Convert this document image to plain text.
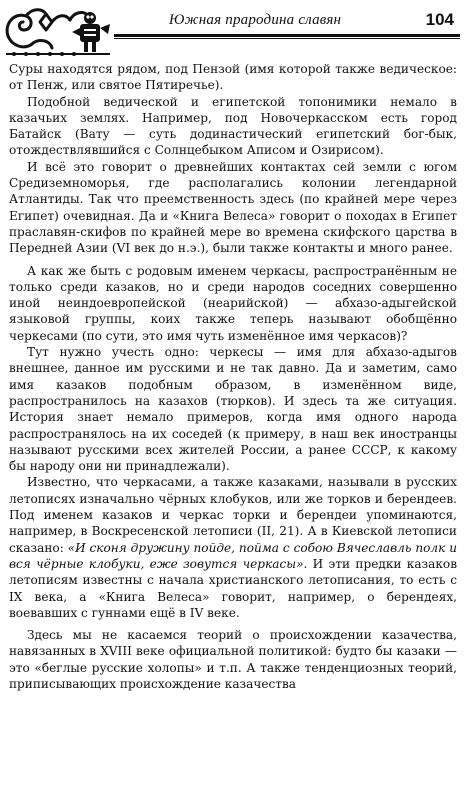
Южная прародина славян	104

Суры находятся рядом, под Пензой (имя которой также ведическое: от Пенж, или святое Пятиречье).

Подобной ведической и египетской топонимики немало в казачьих землях. Например, под Новочеркасском есть город Батайск (Вату — суть додинастический египетский бог-бык, отождествлявшийся с Солнцебыком Аписом и Озирисом).

И всё это говорит о древнейших контактах сей земли с югом Средиземноморья, где располагались колонии легендарной Атлантиды. Так что преемственность здесь (по крайней мере через Египет) очевидная. Да и «Книга Велеса» говорит о походах в Египет праславян-скифов по крайней мере во времена скифского царства в Передней Азии (VI век до н.э.), были также контакты и много ранее.

А как же быть с родовым именем черкасы, распространённым не только среди казаков, но и среди народов соседних совершенно иной неиндоевропейской (неарийской) — абхазо-адыгейской языковой группы, коих также теперь называют обобщённо черкесами (по сути, это имя чуть изменённое имя черкасов)?

Тут нужно учесть одно: черкесы — имя для абхазо-адыгов внешнее, данное им русскими и не так давно. Да и заметим, само имя казаков подобным образом, в изменённом виде, распространилось на казахов (тюрков). И здесь та же ситуация. История знает немало примеров, когда имя одного народа распространялось на их соседей (к примеру, в наш век иностранцы называют русскими всех жителей России, а ранее СССР, к какому бы народу они ни принадлежали).

Известно, что черкасами, а также казаками, называли в русских летописях изначально чёрных клобуков, или же торков и берендеев. Под именем казаков и черкас торки и берендеи упоминаются, например, в Воскресенской летописи (II, 21). А в Киевской летописи сказано: «И сконя дружину пойде, пойма с собою Вячеславль полк и вся чёрные клобуки, еже зовутся черкасы». И эти предки казаков летописям известны с начала христианского летописания, то есть с IX века, а «Книга Велеса» говорит, например, о берендеях, воевавших с гуннами ещё в IV веке.

Здесь мы не касаемся теорий о происхождении казачества, навязанных в XVIII веке официальной политикой: будто бы казаки — это «беглые русские холопы» и т.п. А также тенденциозных теорий, приписывающих происхождение казачества
